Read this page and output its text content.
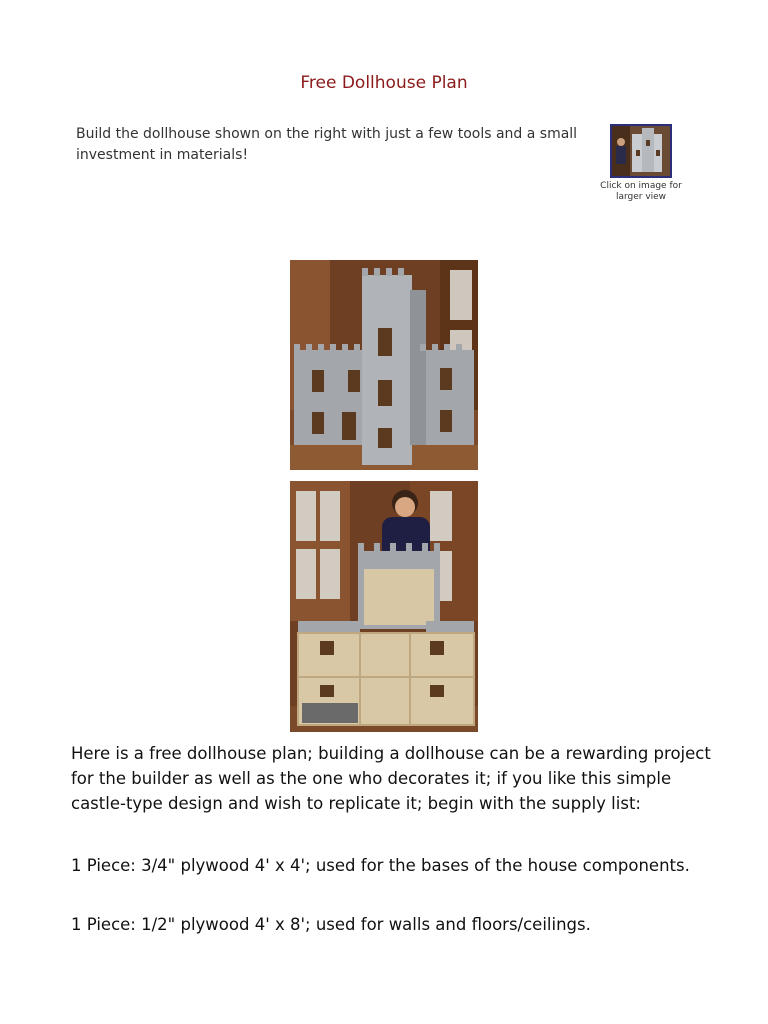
Free Dollhouse Plan
Build the dollhouse shown on the right with just a few tools and a small investment in materials!
Click on image for
larger view

Here is a free dollhouse plan; building a dollhouse can be a rewarding project for the builder as well as the one who decorates it; if you like this simple castle-type design and wish to replicate it; begin with the supply list:

1 Piece: 3/4" plywood 4' x 4'; used for the bases of the house components.

1 Piece: 1/2" plywood 4' x 8'; used for walls and floors/ceilings.
